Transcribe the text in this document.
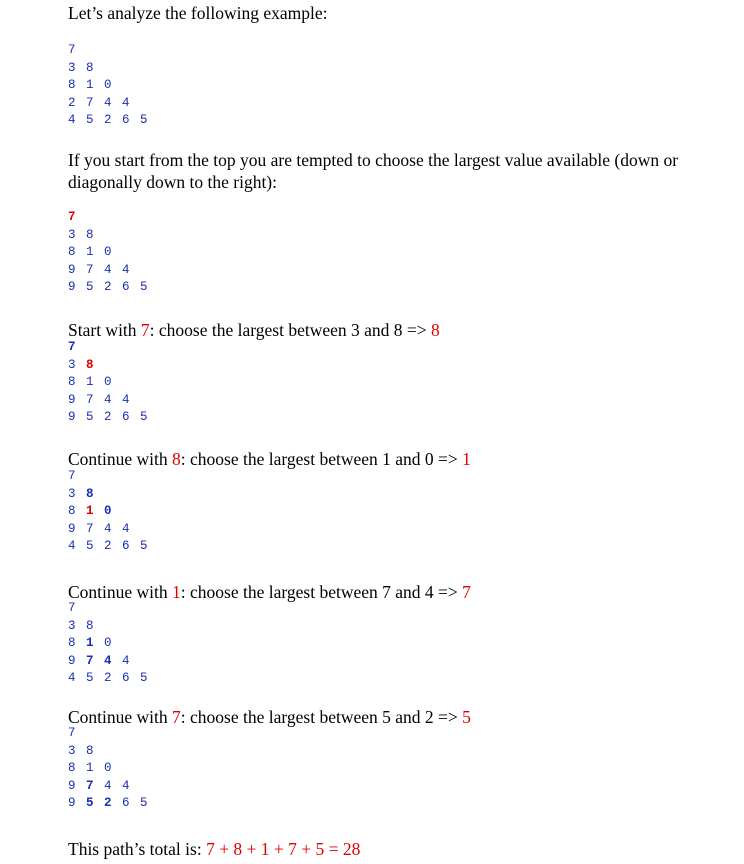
Let’s analyze the following example:

7
3 8
8 1 0
2 7 4 4
4 5 2 6 5

If you start from the top you are tempted to choose the largest value available (down or diagonally down to the right):

7
3 8
8 1 0
9 7 4 4
9 5 2 6 5

Start with 7: choose the largest between 3 and 8 => 8

7
3 8
8 1 0
9 7 4 4
9 5 2 6 5

Continue with 8: choose the largest between 1 and 0 => 1

7
3 8
8 1 0
9 7 4 4
4 5 2 6 5

Continue with 1: choose the largest between 7 and 4 => 7

7
3 8
8 1 0
9 7 4 4
4 5 2 6 5

Continue with 7: choose the largest between 5 and 2 => 5

7
3 8
8 1 0
9 7 4 4
9 5 2 6 5

This path’s total is: 7 + 8 + 1 + 7 + 5 = 28
